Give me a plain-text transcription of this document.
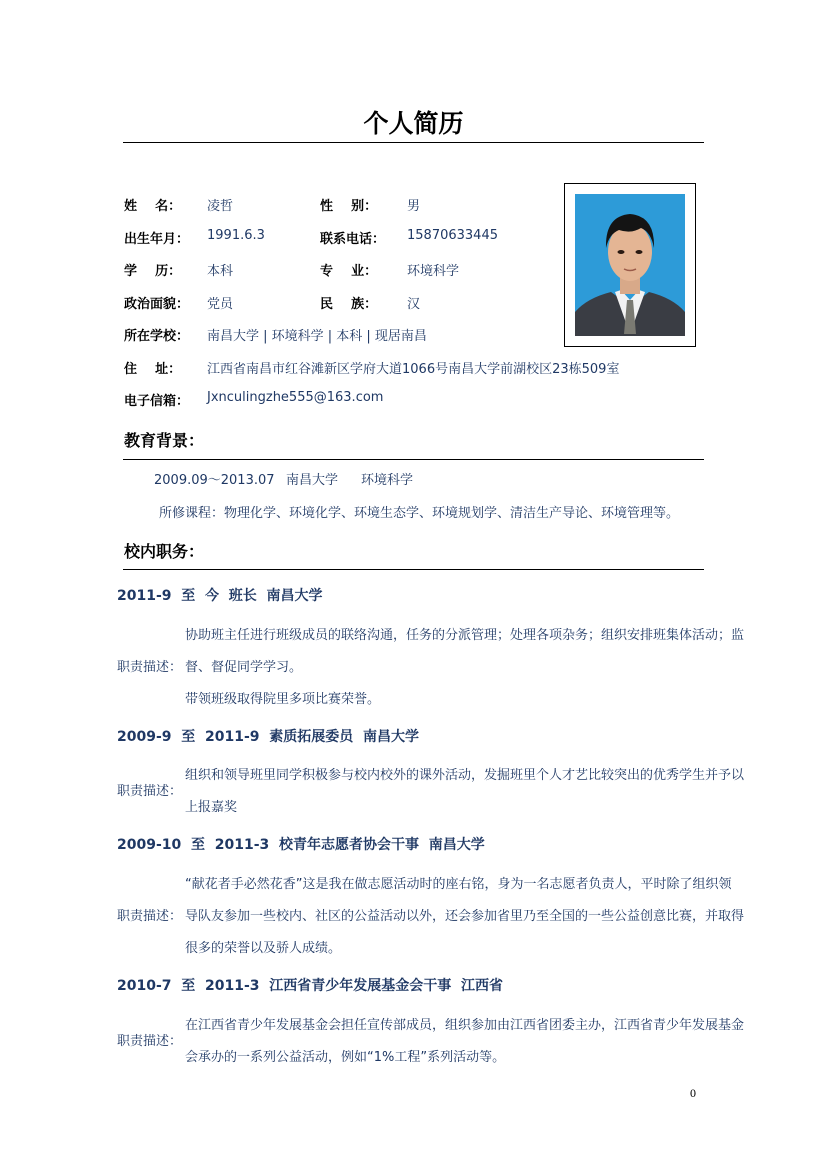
个人简历
姓    名： 凌哲	性    别： 男
出生年月： 1991.6.3	联系电话： 15870633445
学    历： 本科	专    业： 环境科学
政治面貌： 党员	民    族： 汉
所在学校： 南昌大学 | 环境科学 | 本科 | 现居南昌
住    址： 江西省南昌市红谷滩新区学府大道1066号南昌大学前湖校区23栋509室
电子信箱： Jxnculingzhe555@163.com
教育背景：
2009.09～2013.07 南昌大学 环境科学
所修课程：物理化学、环境化学、环境生态学、环境规划学、清洁生产导论、环境管理等。
校内职务：
2011-9  至  今  班长  南昌大学
协助班主任进行班级成员的联络沟通，任务的分派管理；处理各项杂务；组织安排班集体活动；监
职责描述： 督、督促同学学习。
带领班级取得院里多项比赛荣誉。
2009-9  至  2011-9  素质拓展委员  南昌大学
组织和领导班里同学积极参与校内校外的课外活动，发掘班里个人才艺比较突出的优秀学生并予以
职责描述：
上报嘉奖
2009-10  至  2011-3  校青年志愿者协会干事  南昌大学
“献花者手必然花香”这是我在做志愿活动时的座右铭，身为一名志愿者负责人，平时除了组织领
职责描述： 导队友参加一些校内、社区的公益活动以外，还会参加省里乃至全国的一些公益创意比赛，并取得
很多的荣誉以及骄人成绩。
2010-7  至  2011-3  江西省青少年发展基金会干事  江西省
在江西省青少年发展基金会担任宣传部成员，组织参加由江西省团委主办，江西省青少年发展基金
职责描述：
会承办的一系列公益活动，例如“1%工程”系列活动等。
0
